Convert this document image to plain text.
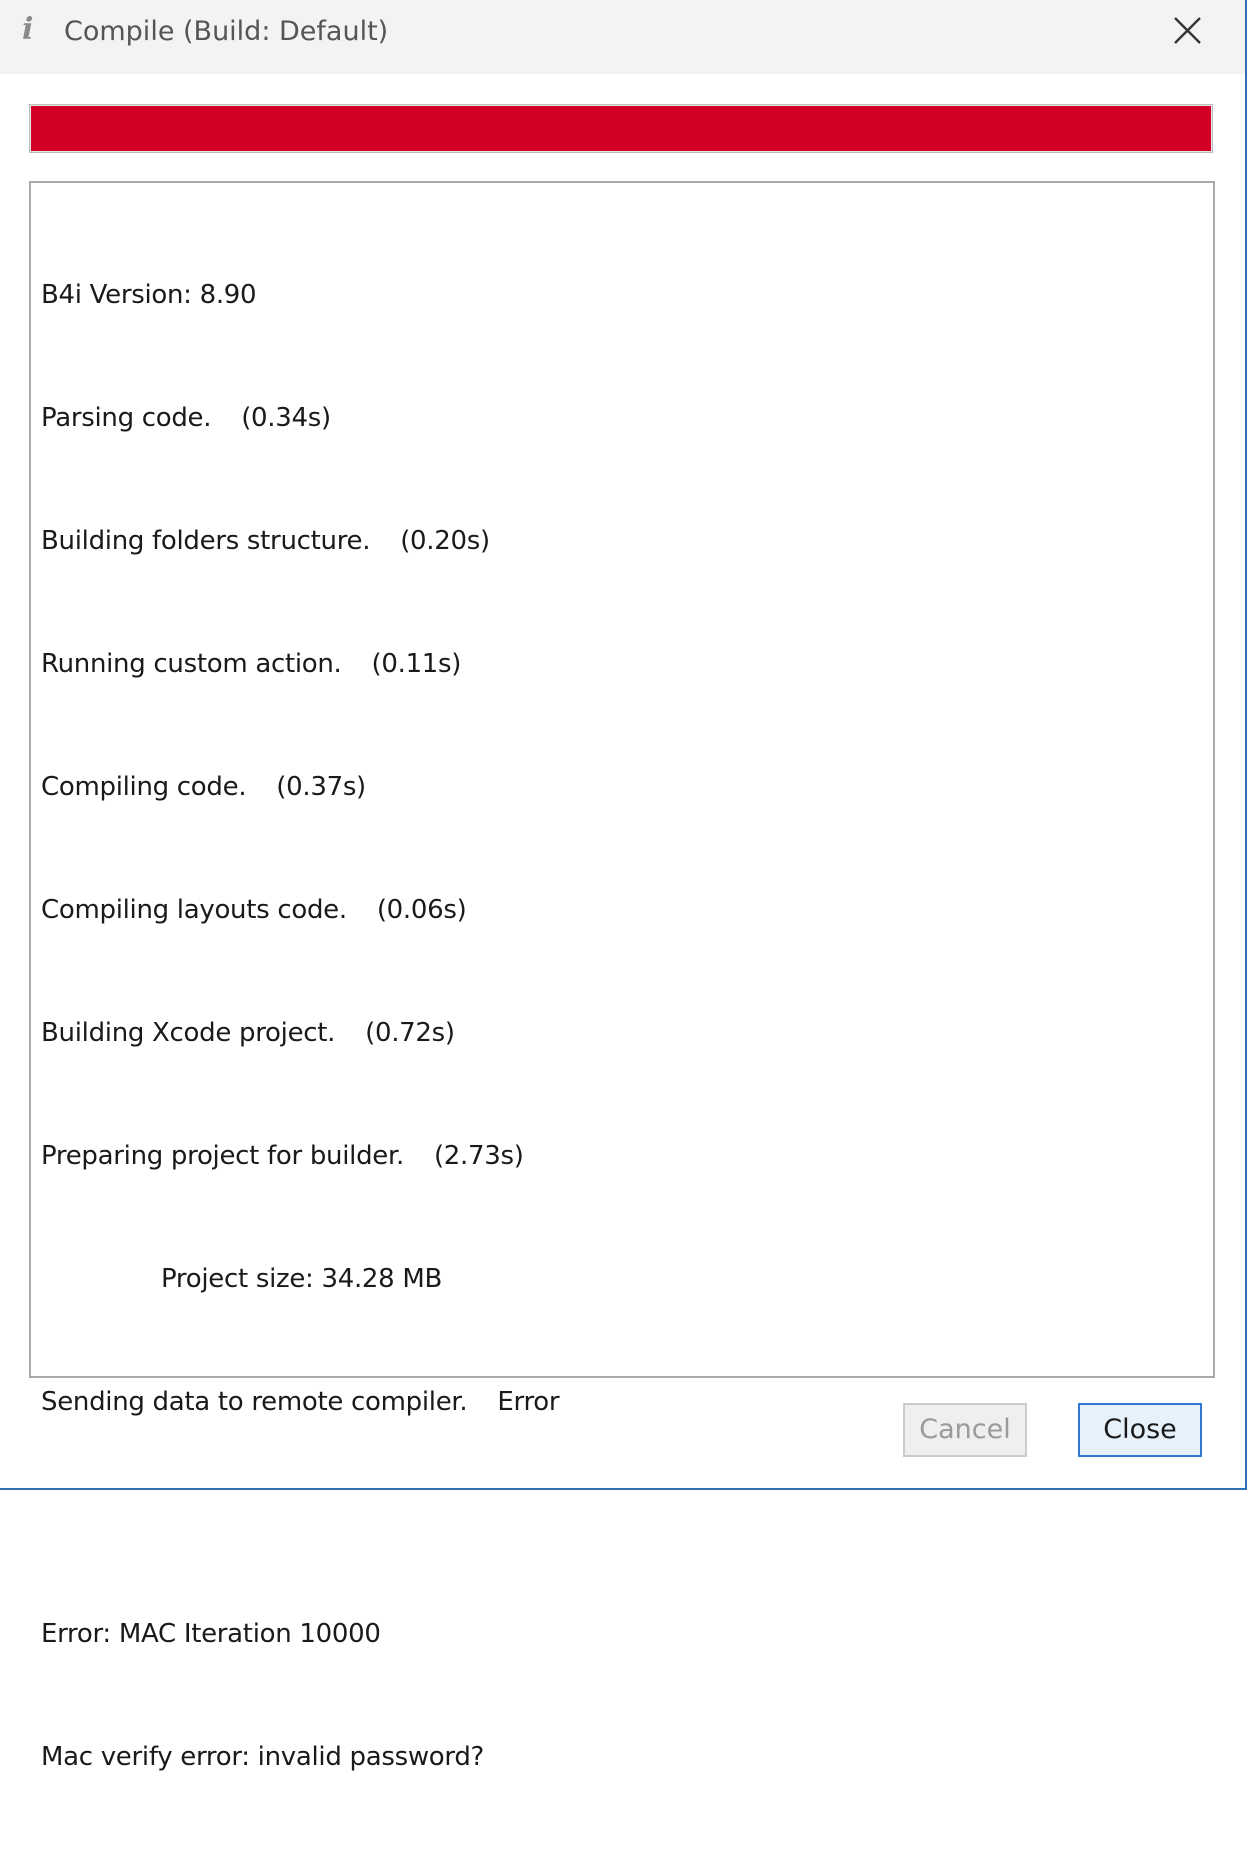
i Compile (Build: Default)

B4i Version: 8.90

Parsing code. (0.34s)

Building folders structure. (0.20s)

Running custom action. (0.11s)

Compiling code. (0.37s)

Compiling layouts code. (0.06s)

Building Xcode project. (0.72s)

Preparing project for builder. (2.73s)

Project size: 34.28 MB

Sending data to remote compiler. Error

Error: MAC Iteration 10000

Mac verify error: invalid password?

Cancel	Close
